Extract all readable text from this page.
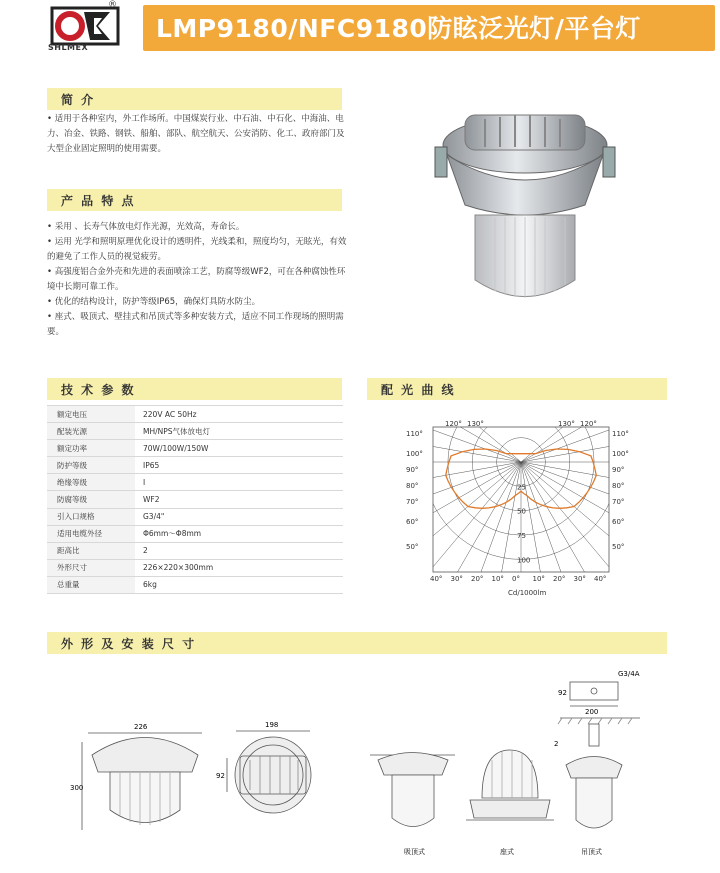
®
SHLMEX
LMP9180/NFC9180防眩泛光灯/平台灯
简 介
• 适用于各种室内，外工作场所。中国煤炭行业、中石油、中石化、中海油、电力、冶金、铁路、钢铁、船舶、部队、航空航天、公安消防、化工、政府部门及大型企业固定照明的使用需要。
产 品 特 点
• 采用 、长寿气体放电灯作光源，光效高，寿命长。
• 运用 光学和照明原理优化设计的透明件，光线柔和，照度均匀，无眩光，有效的避免了工作人员的视觉疲劳。
• 高强度铝合金外壳和先进的表面喷涂工艺，防腐等级WF2，可在各种腐蚀性环境中长期可靠工作。
• 优化的结构设计，防护等级IP65，确保灯具防水防尘。
• 座式、吸顶式、壁挂式和吊顶式等多种安装方式，适应不同工作现场的照明需要。
技 术 参 数
额定电压	220V AC 50Hz
配装光源	MH/NPS气体放电灯
额定功率	70W/100W/150W
防护等级	IP65
绝缘等级	I
防腐等级	WF2
引入口规格	G3/4"
适用电缆外径	Φ6mm～Φ8mm
距高比	2
外形尺寸	226×220×300mm
总重量	6kg
配 光 曲 线
25
50
75
100
120° 130°	130° 120°
110°	110°
100°	100°
90°	90°
80°	80°
70°	70°
60°	60°
50°	50°
40° 30° 20° 10° 0° 10° 20° 30° 40°
Cd/1000lm
外 形 及 安 装 尺 寸
226
300
198
92
200
92
G3/4A
2
吸顶式	座式	吊顶式
